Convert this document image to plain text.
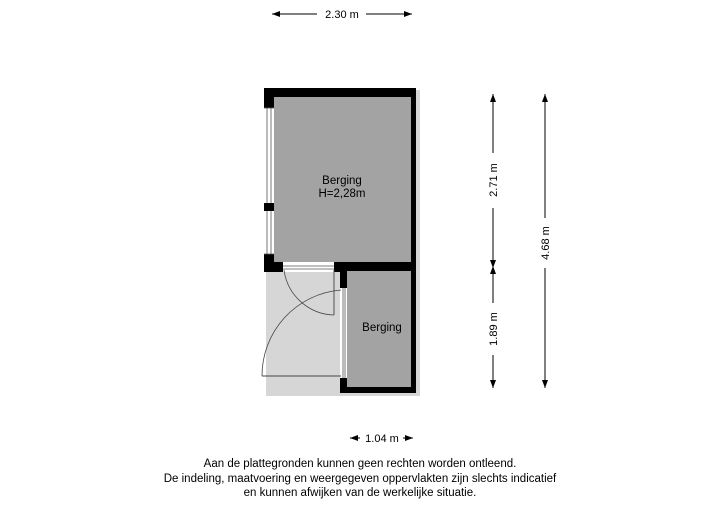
Berging
H=2,28m
Berging
2.30 m
1.04 m
2.71 m
1.89 m
4.68 m
Aan de plattegronden kunnen geen rechten worden ontleend.
De indeling, maatvoering en weergegeven oppervlakten zijn slechts indicatief
en kunnen afwijken van de werkelijke situatie.
